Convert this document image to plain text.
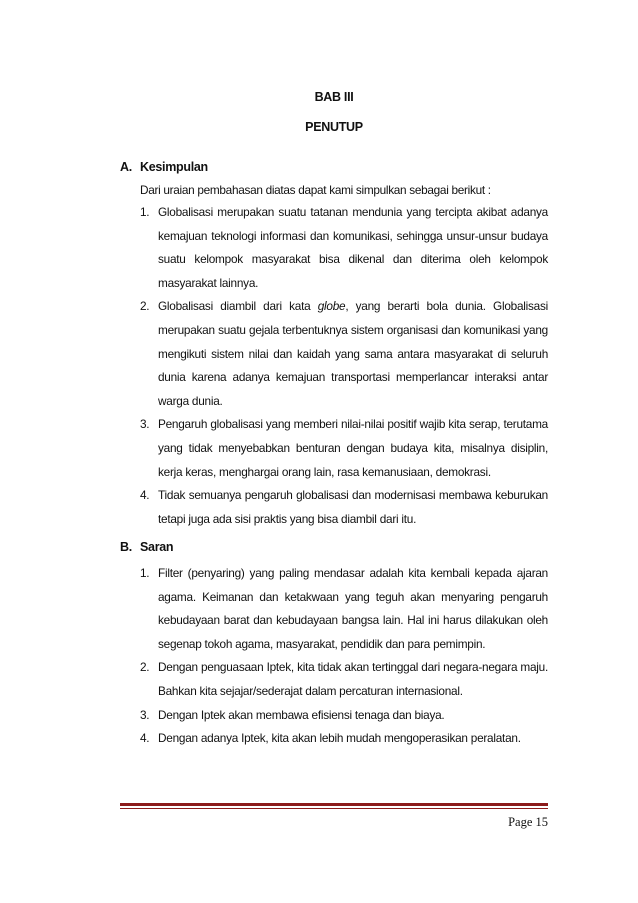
BAB III
PENUTUP
A. Kesimpulan
Dari uraian pembahasan diatas dapat kami simpulkan sebagai berikut :
1. Globalisasi merupakan suatu tatanan mendunia yang tercipta akibat adanya kemajuan teknologi informasi dan komunikasi, sehingga unsur-unsur budaya suatu kelompok masyarakat bisa dikenal dan diterima oleh kelompok masyarakat lainnya.
2. Globalisasi diambil dari kata globe, yang berarti bola dunia. Globalisasi merupakan suatu gejala terbentuknya sistem organisasi dan komunikasi yang mengikuti sistem nilai dan kaidah yang sama antara masyarakat di seluruh dunia karena adanya kemajuan transportasi memperlancar interaksi antar warga dunia.
3. Pengaruh globalisasi yang memberi nilai-nilai positif wajib kita serap, terutama yang tidak menyebabkan benturan dengan budaya kita, misalnya disiplin, kerja keras, menghargai orang lain, rasa kemanusiaan, demokrasi.
4. Tidak semuanya pengaruh globalisasi dan modernisasi membawa keburukan tetapi juga ada sisi praktis yang bisa diambil dari itu.
B. Saran
1. Filter (penyaring) yang paling mendasar adalah kita kembali kepada ajaran agama. Keimanan dan ketakwaan yang teguh akan menyaring pengaruh kebudayaan barat dan kebudayaan bangsa lain. Hal ini harus dilakukan oleh segenap tokoh agama, masyarakat, pendidik dan para pemimpin.
2. Dengan penguasaan Iptek, kita tidak akan tertinggal dari negara-negara maju. Bahkan kita sejajar/sederajat dalam percaturan internasional.
3. Dengan Iptek akan membawa efisiensi tenaga dan biaya.
4. Dengan adanya Iptek, kita akan lebih mudah mengoperasikan peralatan.
Page 15
